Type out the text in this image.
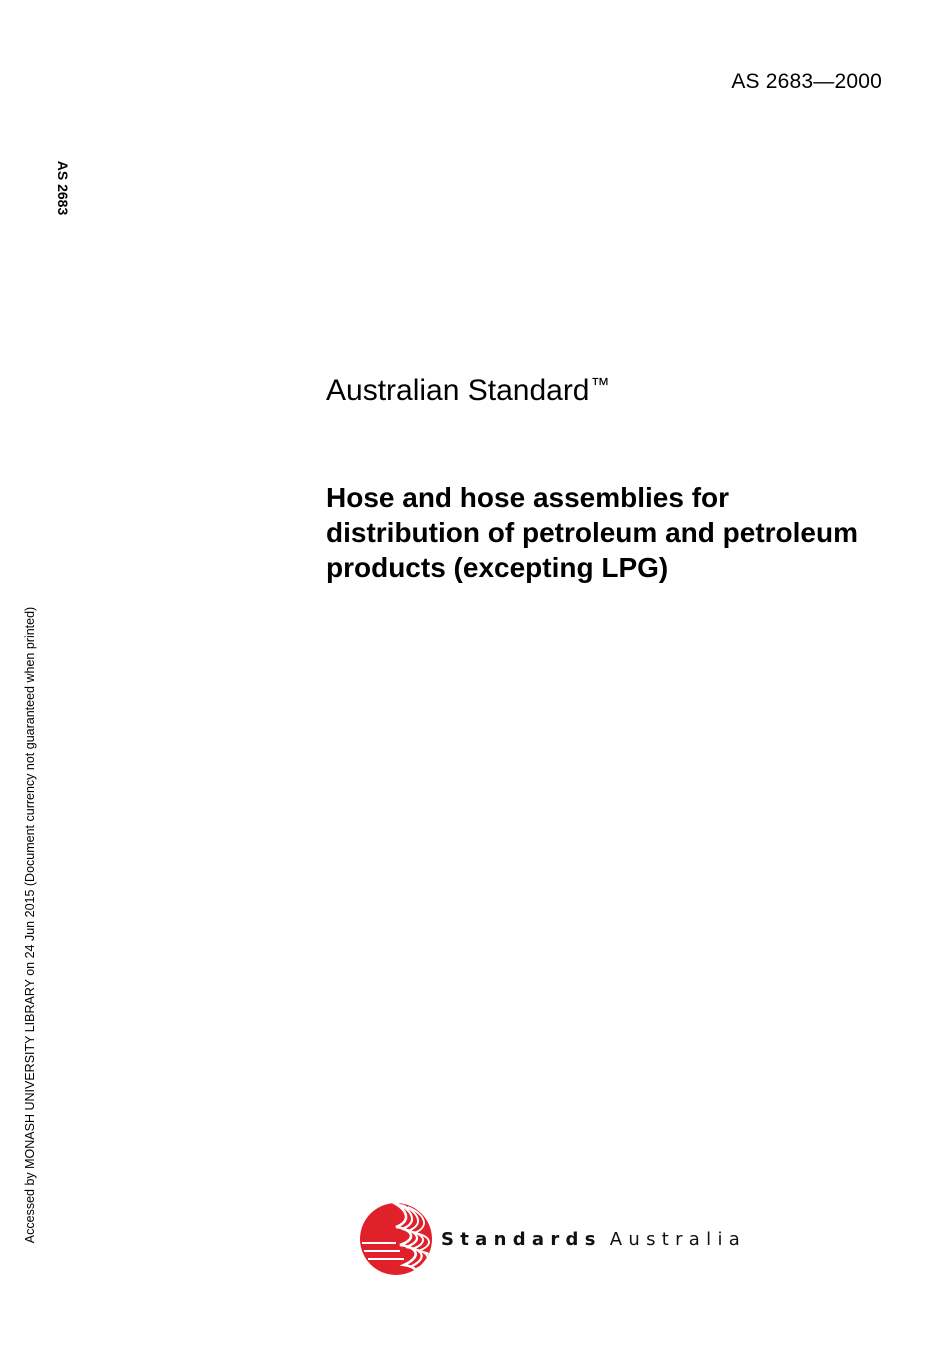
AS 2683—2000
AS 2683
Accessed by MONASH UNIVERSITY LIBRARY on 24 Jun 2015 (Document currency not guaranteed when printed)
Australian Standard™
Hose and hose assemblies for
distribution of petroleum and petroleum
products (excepting LPG)
Standards Australia
